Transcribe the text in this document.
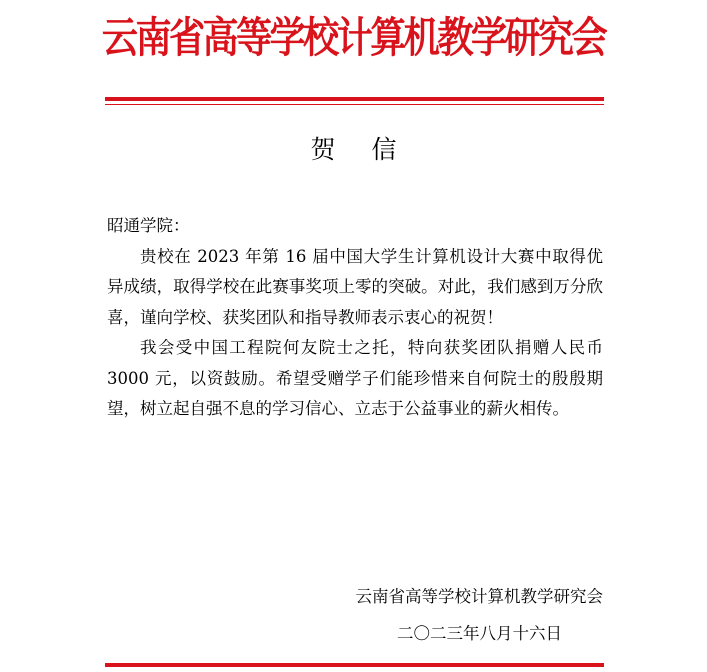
云南省高等学校计算机教学研究会
贺 信

昭通学院：

贵校在 2023 年第 16 届中国大学生计算机设计大赛中取得优异成绩，取得学校在此赛事奖项上零的突破。对此，我们感到万分欣喜，谨向学校、获奖团队和指导教师表示衷心的祝贺！

我会受中国工程院何友院士之托，特向获奖团队捐赠人民币 3000 元，以资鼓励。希望受赠学子们能珍惜来自何院士的殷殷期望，树立起自强不息的学习信心、立志于公益事业的薪火相传。

云南省高等学校计算机教学研究会
二〇二三年八月十六日
